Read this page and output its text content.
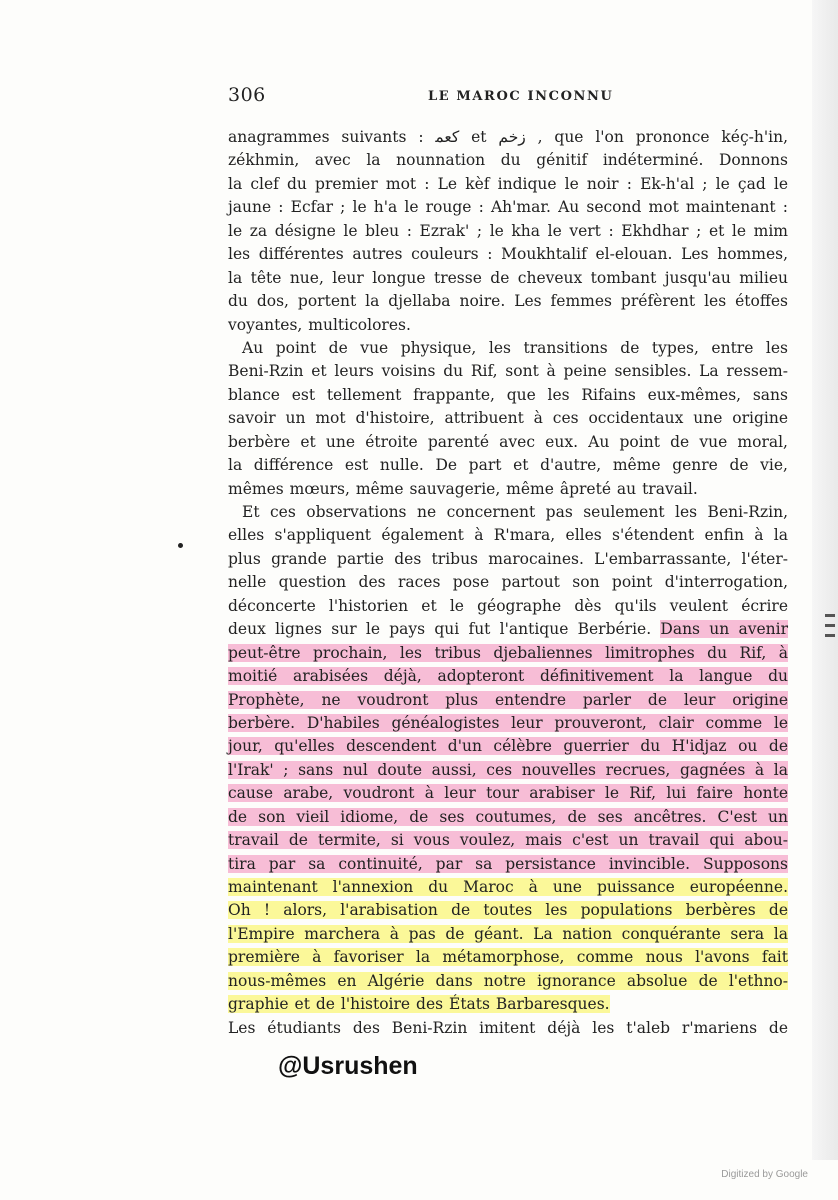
306	LE MAROC INCONNU
anagrammes suivants : ﻛﻌﻤ et زﺧﻢ , que l'on prononce kéç-h'in,
zékhmin, avec la nounnation du génitif indéterminé. Donnons
la clef du premier mot : Le kèf indique le noir : Ek-h'al ; le çad le
jaune : Ecfar ; le h'a le rouge : Ah'mar. Au second mot maintenant :
le za désigne le bleu : Ezrak' ; le kha le vert : Ekhdhar ; et le mim
les différentes autres couleurs : Moukhtalif el-elouan. Les hommes,
la tête nue, leur longue tresse de cheveux tombant jusqu'au milieu
du dos, portent la djellaba noire. Les femmes préfèrent les étoffes
voyantes, multicolores.
Au point de vue physique, les transitions de types, entre les
Beni-Rzin et leurs voisins du Rif, sont à peine sensibles. La ressem-
blance est tellement frappante, que les Rifains eux-mêmes, sans
savoir un mot d'histoire, attribuent à ces occidentaux une origine
berbère et une étroite parenté avec eux. Au point de vue moral,
la différence est nulle. De part et d'autre, même genre de vie,
mêmes mœurs, même sauvagerie, même âpreté au travail.
Et ces observations ne concernent pas seulement les Beni-Rzin,
elles s'appliquent également à R'mara, elles s'étendent enfin à la
plus grande partie des tribus marocaines. L'embarrassante, l'éter-
nelle question des races pose partout son point d'interrogation,
déconcerte l'historien et le géographe dès qu'ils veulent écrire
deux lignes sur le pays qui fut l'antique Berbérie. Dans un avenir
peut-être prochain, les tribus djebaliennes limitrophes du Rif, à
moitié arabisées déjà, adopteront définitivement la langue du
Prophète, ne voudront plus entendre parler de leur origine
berbère. D'habiles généalogistes leur prouveront, clair comme le
jour, qu'elles descendent d'un célèbre guerrier du H'idjaz ou de
l'Irak' ; sans nul doute aussi, ces nouvelles recrues, gagnées à la
cause arabe, voudront à leur tour arabiser le Rif, lui faire honte
de son vieil idiome, de ses coutumes, de ses ancêtres. C'est un
travail de termite, si vous voulez, mais c'est un travail qui abou-
tira par sa continuité, par sa persistance invincible. Supposons
maintenant l'annexion du Maroc à une puissance européenne.
Oh ! alors, l'arabisation de toutes les populations berbères de
l'Empire marchera à pas de géant. La nation conquérante sera la
première à favoriser la métamorphose, comme nous l'avons fait
nous-mêmes en Algérie dans notre ignorance absolue de l'ethno-
graphie et de l'histoire des États Barbaresques.
Les étudiants des Beni-Rzin imitent déjà les t'aleb r'mariens de
@Usrushen
Digitized by Google
